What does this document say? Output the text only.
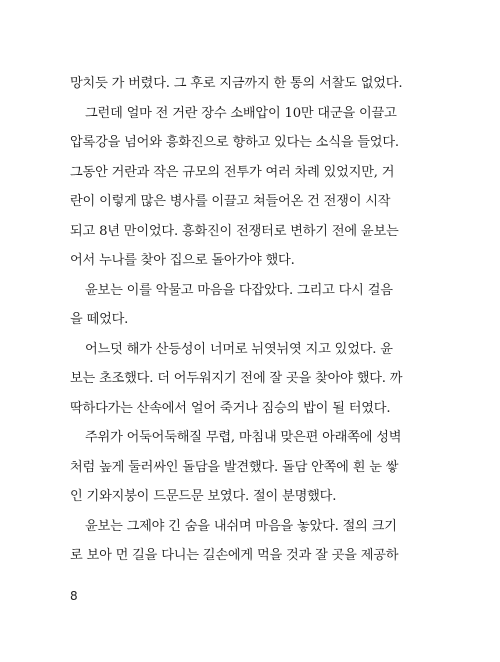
망치듯 가 버렸다. 그 후로 지금까지 한 통의 서찰도 없었다.
그런데 얼마 전 거란 장수 소배압이 10만 대군을 이끌고
압록강을 넘어와 흥화진으로 향하고 있다는 소식을 들었다.
그동안 거란과 작은 규모의 전투가 여러 차례 있었지만, 거
란이 이렇게 많은 병사를 이끌고 쳐들어온 건 전쟁이 시작
되고 8년 만이었다. 흥화진이 전쟁터로 변하기 전에 윤보는
어서 누나를 찾아 집으로 돌아가야 했다.
윤보는 이를 악물고 마음을 다잡았다. 그리고 다시 걸음
을 떼었다.
어느덧 해가 산등성이 너머로 뉘엿뉘엿 지고 있었다. 윤
보는 초조했다. 더 어두워지기 전에 잘 곳을 찾아야 했다. 까
딱하다가는 산속에서 얼어 죽거나 짐승의 밥이 될 터였다.
주위가 어둑어둑해질 무렵, 마침내 맞은편 아래쪽에 성벽
처럼 높게 둘러싸인 돌담을 발견했다. 돌담 안쪽에 흰 눈 쌓
인 기와지붕이 드문드문 보였다. 절이 분명했다.
윤보는 그제야 긴 숨을 내쉬며 마음을 놓았다. 절의 크기
로 보아 먼 길을 다니는 길손에게 먹을 것과 잘 곳을 제공하
8
